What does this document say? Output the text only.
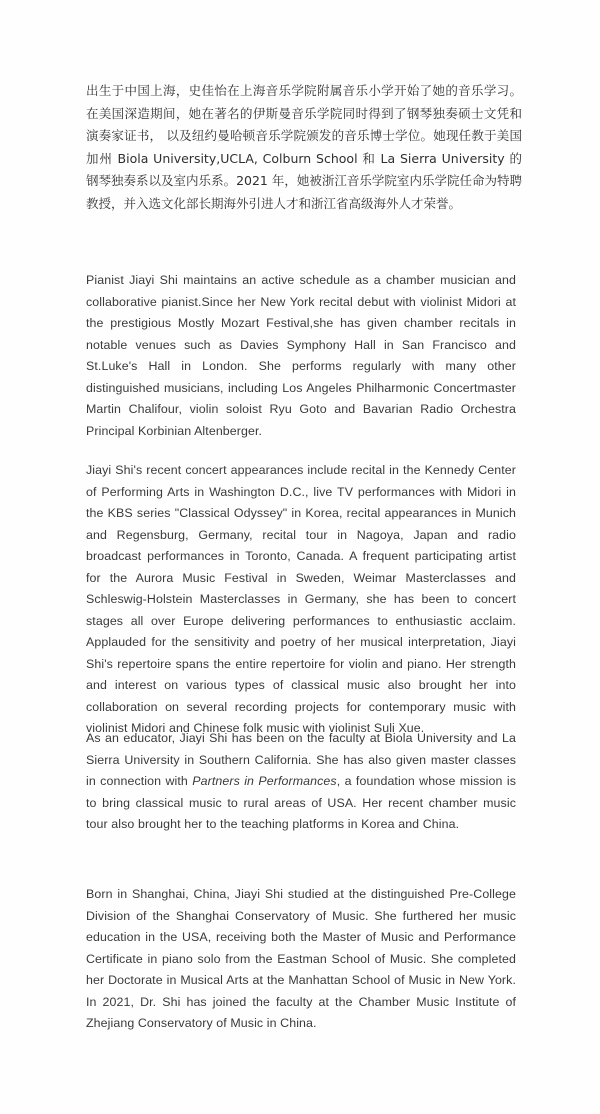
出生于中国上海，史佳怡在上海音乐学院附属音乐小学开始了她的音乐学习。 在美国深造期间，她在著名的伊斯曼音乐学院同时得到了钢琴独奏硕士文凭和演奏家证书， 以及纽约曼哈顿音乐学院颁发的音乐博士学位。她现任教于美国加州 Biola University,UCLA, Colburn School 和 La Sierra University 的钢琴独奏系以及室内乐系。2021 年，她被浙江音乐学院室内乐学院任命为特聘教授，并入选文化部长期海外引进人才和浙江省高级海外人才荣誉。

Pianist Jiayi Shi maintains an active schedule as a chamber musician and collaborative pianist.Since her New York recital debut with violinist Midori at the prestigious Mostly Mozart Festival,she has given chamber recitals in notable venues such as Davies Symphony Hall in San Francisco and St.Luke's Hall in London. She performs regularly with many other distinguished musicians, including Los Angeles Philharmonic Concertmaster Martin Chalifour, violin soloist Ryu Goto and Bavarian Radio Orchestra Principal Korbinian Altenberger.

Jiayi Shi's recent concert appearances include recital in the Kennedy Center of Performing Arts in Washington D.C., live TV performances with Midori in the KBS series "Classical Odyssey" in Korea, recital appearances in Munich and Regensburg, Germany, recital tour in Nagoya, Japan and radio broadcast performances in Toronto, Canada. A frequent participating artist for the Aurora Music Festival in Sweden, Weimar Masterclasses and Schleswig-Holstein Masterclasses in Germany, she has been to concert stages all over Europe delivering performances to enthusiastic acclaim. Applauded for the sensitivity and poetry of her musical interpretation, Jiayi Shi's repertoire spans the entire repertoire for violin and piano. Her strength and interest on various types of classical music also brought her into collaboration on several recording projects for contemporary music with violinist Midori and Chinese folk music with violinist Suli Xue.

As an educator, Jiayi Shi has been on the faculty at Biola University and La Sierra University in Southern California. She has also given master classes in connection with Partners in Performances, a foundation whose mission is to bring classical music to rural areas of USA. Her recent chamber music tour also brought her to the teaching platforms in Korea and China.

Born in Shanghai, China, Jiayi Shi studied at the distinguished Pre-College Division of the Shanghai Conservatory of Music. She furthered her music education in the USA, receiving both the Master of Music and Performance Certificate in piano solo from the Eastman School of Music. She completed her Doctorate in Musical Arts at the Manhattan School of Music in New York. In 2021, Dr. Shi has joined the faculty at the Chamber Music Institute of Zhejiang Conservatory of Music in China.
